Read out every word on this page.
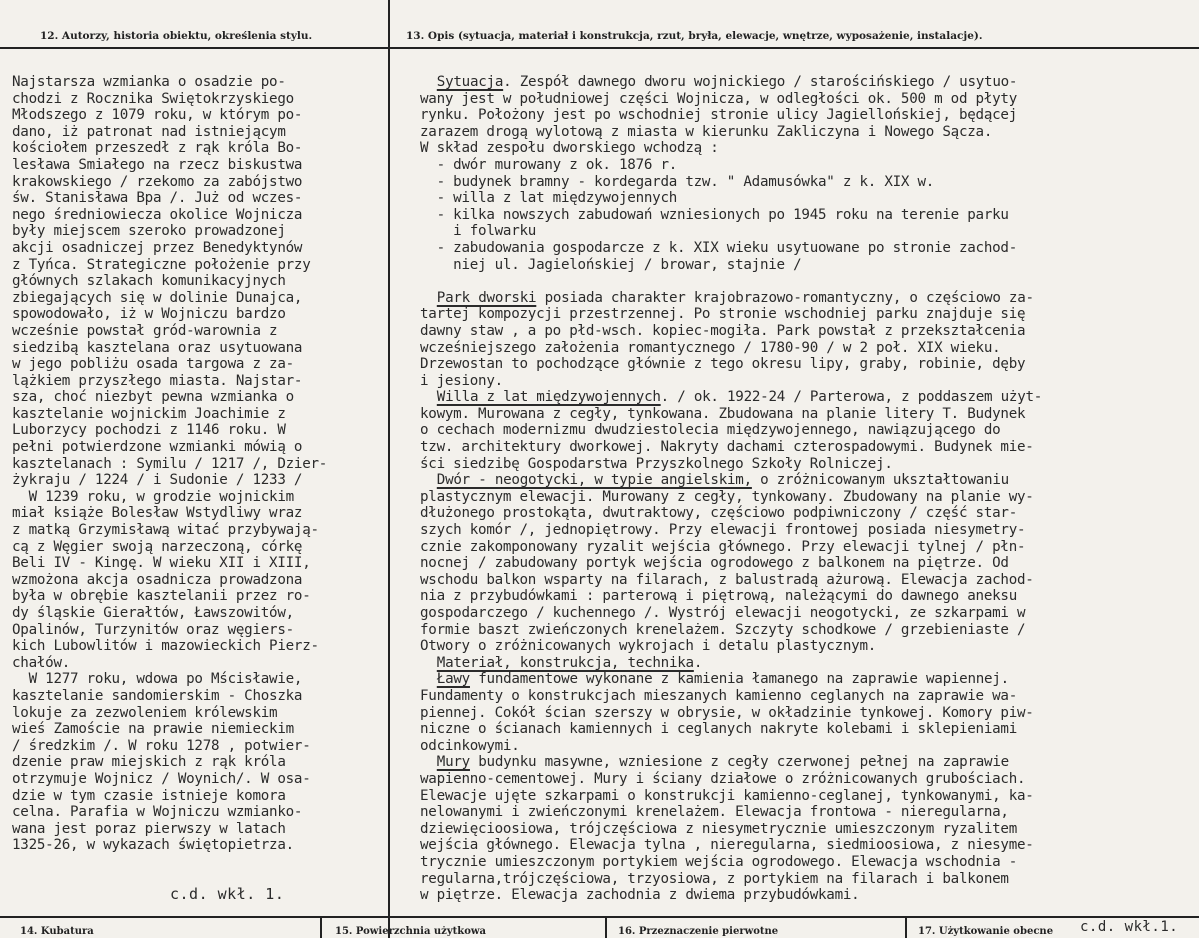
12. Autorzy, historia obiektu, określenia stylu.	13. Opis (sytuacja, materiał i konstrukcja, rzut, bryła, elewacje, wnętrze, wyposażenie, instalacje).
Najstarsza wzmianka o osadzie po-
chodzi z Rocznika Swiętokrzyskiego
Młodszego z 1079 roku, w którym po-
dano, iż patronat nad istniejącym
kościołem przeszedł z rąk króla Bo-
lesława Smiałego na rzecz biskustwa
krakowskiego / rzekomo za zabójstwo
św. Stanisława Bpa /. Już od wczes-
nego średniowiecza okolice Wojnicza
były miejscem szeroko prowadzonej
akcji osadniczej przez Benedyktynów
z Tyńca. Strategiczne położenie przy
głównych szlakach komunikacyjnych
zbiegających się w dolinie Dunajca,
spowodowało, iż w Wojniczu bardzo
wcześnie powstał gród-warownia z
siedzibą kasztelana oraz usytuowana
w jego pobliżu osada targowa z za-
lążkiem przyszłego miasta. Najstar-
sza, choć niezbyt pewna wzmianka o
kasztelanie wojnickim Joachimie z
Luborzycy pochodzi z 1146 roku. W
pełni potwierdzone wzmianki mówią o
kasztelanach : Symilu / 1217 /, Dzier-
żykraju / 1224 / i Sudonie / 1233 /
W 1239 roku, w grodzie wojnickim
miał książe Bolesław Wstydliwy wraz
z matką Grzymisławą witać przybywają-
cą z Węgier swoją narzeczoną, córkę
Beli IV - Kingę. W wieku XII i XIII,
wzmożona akcja osadnicza prowadzona
była w obrębie kasztelanii przez ro-
dy śląskie Gierałtów, Ławszowitów,
Opalinów, Turzynitów oraz węgiers-
kich Lubowlitów i mazowieckich Pierz-
chałów.
W 1277 roku, wdowa po Mścisławie,
kasztelanie sandomierskim - Choszka
lokuje za zezwoleniem królewskim
wieś Zamoście na prawie niemieckim
/ średzkim /. W roku 1278 , potwier-
dzenie praw miejskich z rąk króla
otrzymuje Wojnicz / Woynich/. W osa-
dzie w tym czasie istnieje komora
celna. Parafia w Wojniczu wzmianko-
wana jest poraz pierwszy w latach
1325-26, w wykazach świętopietrza.
c.d. wkł. 1.
Sytuacja. Zespół dawnego dworu wojnickiego / starościńskiego / usytuo-
wany jest w południowej części Wojnicza, w odległości ok. 500 m od płyty
rynku. Położony jest po wschodniej stronie ulicy Jagiellońskiej, będącej
zarazem drogą wylotową z miasta w kierunku Zakliczyna i Nowego Sącza.
W skład zespołu dworskiego wchodzą :
- dwór murowany z ok. 1876 r.
- budynek bramny - kordegarda tzw. " Adamusówka" z k. XIX w.
- willa z lat międzywojennych
- kilka nowszych zabudowań wzniesionych po 1945 roku na terenie parku
i folwarku
- zabudowania gospodarcze z k. XIX wieku usytuowane po stronie zachod-
niej ul. Jagielońskiej / browar, stajnie /
Park dworski posiada charakter krajobrazowo-romantyczny, o częściowo za-
tartej kompozycji przestrzennej. Po stronie wschodniej parku znajduje się
dawny staw , a po płd-wsch. kopiec-mogiła. Park powstał z przekształcenia
wcześniejszego założenia romantycznego / 1780-90 / w 2 poł. XIX wieku.
Drzewostan to pochodzące głównie z tego okresu lipy, graby, robinie, dęby
i jesiony.
Willa z lat międzywojennych. / ok. 1922-24 / Parterowa, z poddaszem użyt-
kowym. Murowana z cegły, tynkowana. Zbudowana na planie litery T. Budynek
o cechach modernizmu dwudziestolecia międzywojennego, nawiązującego do
tzw. architektury dworkowej. Nakryty dachami czterospadowymi. Budynek mie-
ści siedzibę Gospodarstwa Przyszkolnego Szkoły Rolniczej.
Dwór - neogotycki, w typie angielskim, o zróżnicowanym ukształtowaniu
plastycznym elewacji. Murowany z cegły, tynkowany. Zbudowany na planie wy-
dłużonego prostokąta, dwutraktowy, częściowo podpiwniczony / część star-
szych komór /, jednopiętrowy. Przy elewacji frontowej posiada niesymetry-
cznie zakomponowany ryzalit wejścia głównego. Przy elewacji tylnej / płn-
nocnej / zabudowany portyk wejścia ogrodowego z balkonem na piętrze. Od
wschodu balkon wsparty na filarach, z balustradą ażurową. Elewacja zachod-
nia z przybudówkami : parterową i piętrową, należącymi do dawnego aneksu
gospodarczego / kuchennego /. Wystrój elewacji neogotycki, ze szkarpami w
formie baszt zwieńczonych krenelażem. Szczyty schodkowe / grzebieniaste /
Otwory o zróżnicowanych wykrojach i detalu plastycznym.
Materiał, konstrukcja, technika.
Ławy fundamentowe wykonane z kamienia łamanego na zaprawie wapiennej.
Fundamenty o konstrukcjach mieszanych kamienno ceglanych na zaprawie wa-
piennej. Cokół ścian szerszy w obrysie, w okładzinie tynkowej. Komory piw-
niczne o ścianach kamiennych i ceglanych nakryte kolebami i sklepieniami
odcinkowymi.
Mury budynku masywne, wzniesione z cegły czerwonej pełnej na zaprawie
wapienno-cementowej. Mury i ściany działowe o zróżnicowanych grubościach.
Elewacje ujęte szkarpami o konstrukcji kamienno-ceglanej, tynkowanymi, ka-
nelowanymi i zwieńczonymi krenelażem. Elewacja frontowa - nieregularna,
dziewięcioosiowa, trójczęściowa z niesymetrycznie umieszczonym ryzalitem
wejścia głównego. Elewacja tylna , nieregularna, siedmioosiowa, z niesyme-
trycznie umieszczonym portykiem wejścia ogrodowego. Elewacja wschodnia -
regularna,trójczęściowa, trzyosiowa, z portykiem na filarach i balkonem
w piętrze. Elewacja zachodnia z dwiema przybudówkami.
14. Kubatura	15. Powierzchnia użytkowa	16. Przeznaczenie pierwotne	17. Użytkowanie obecne c.d. wkł.1.
